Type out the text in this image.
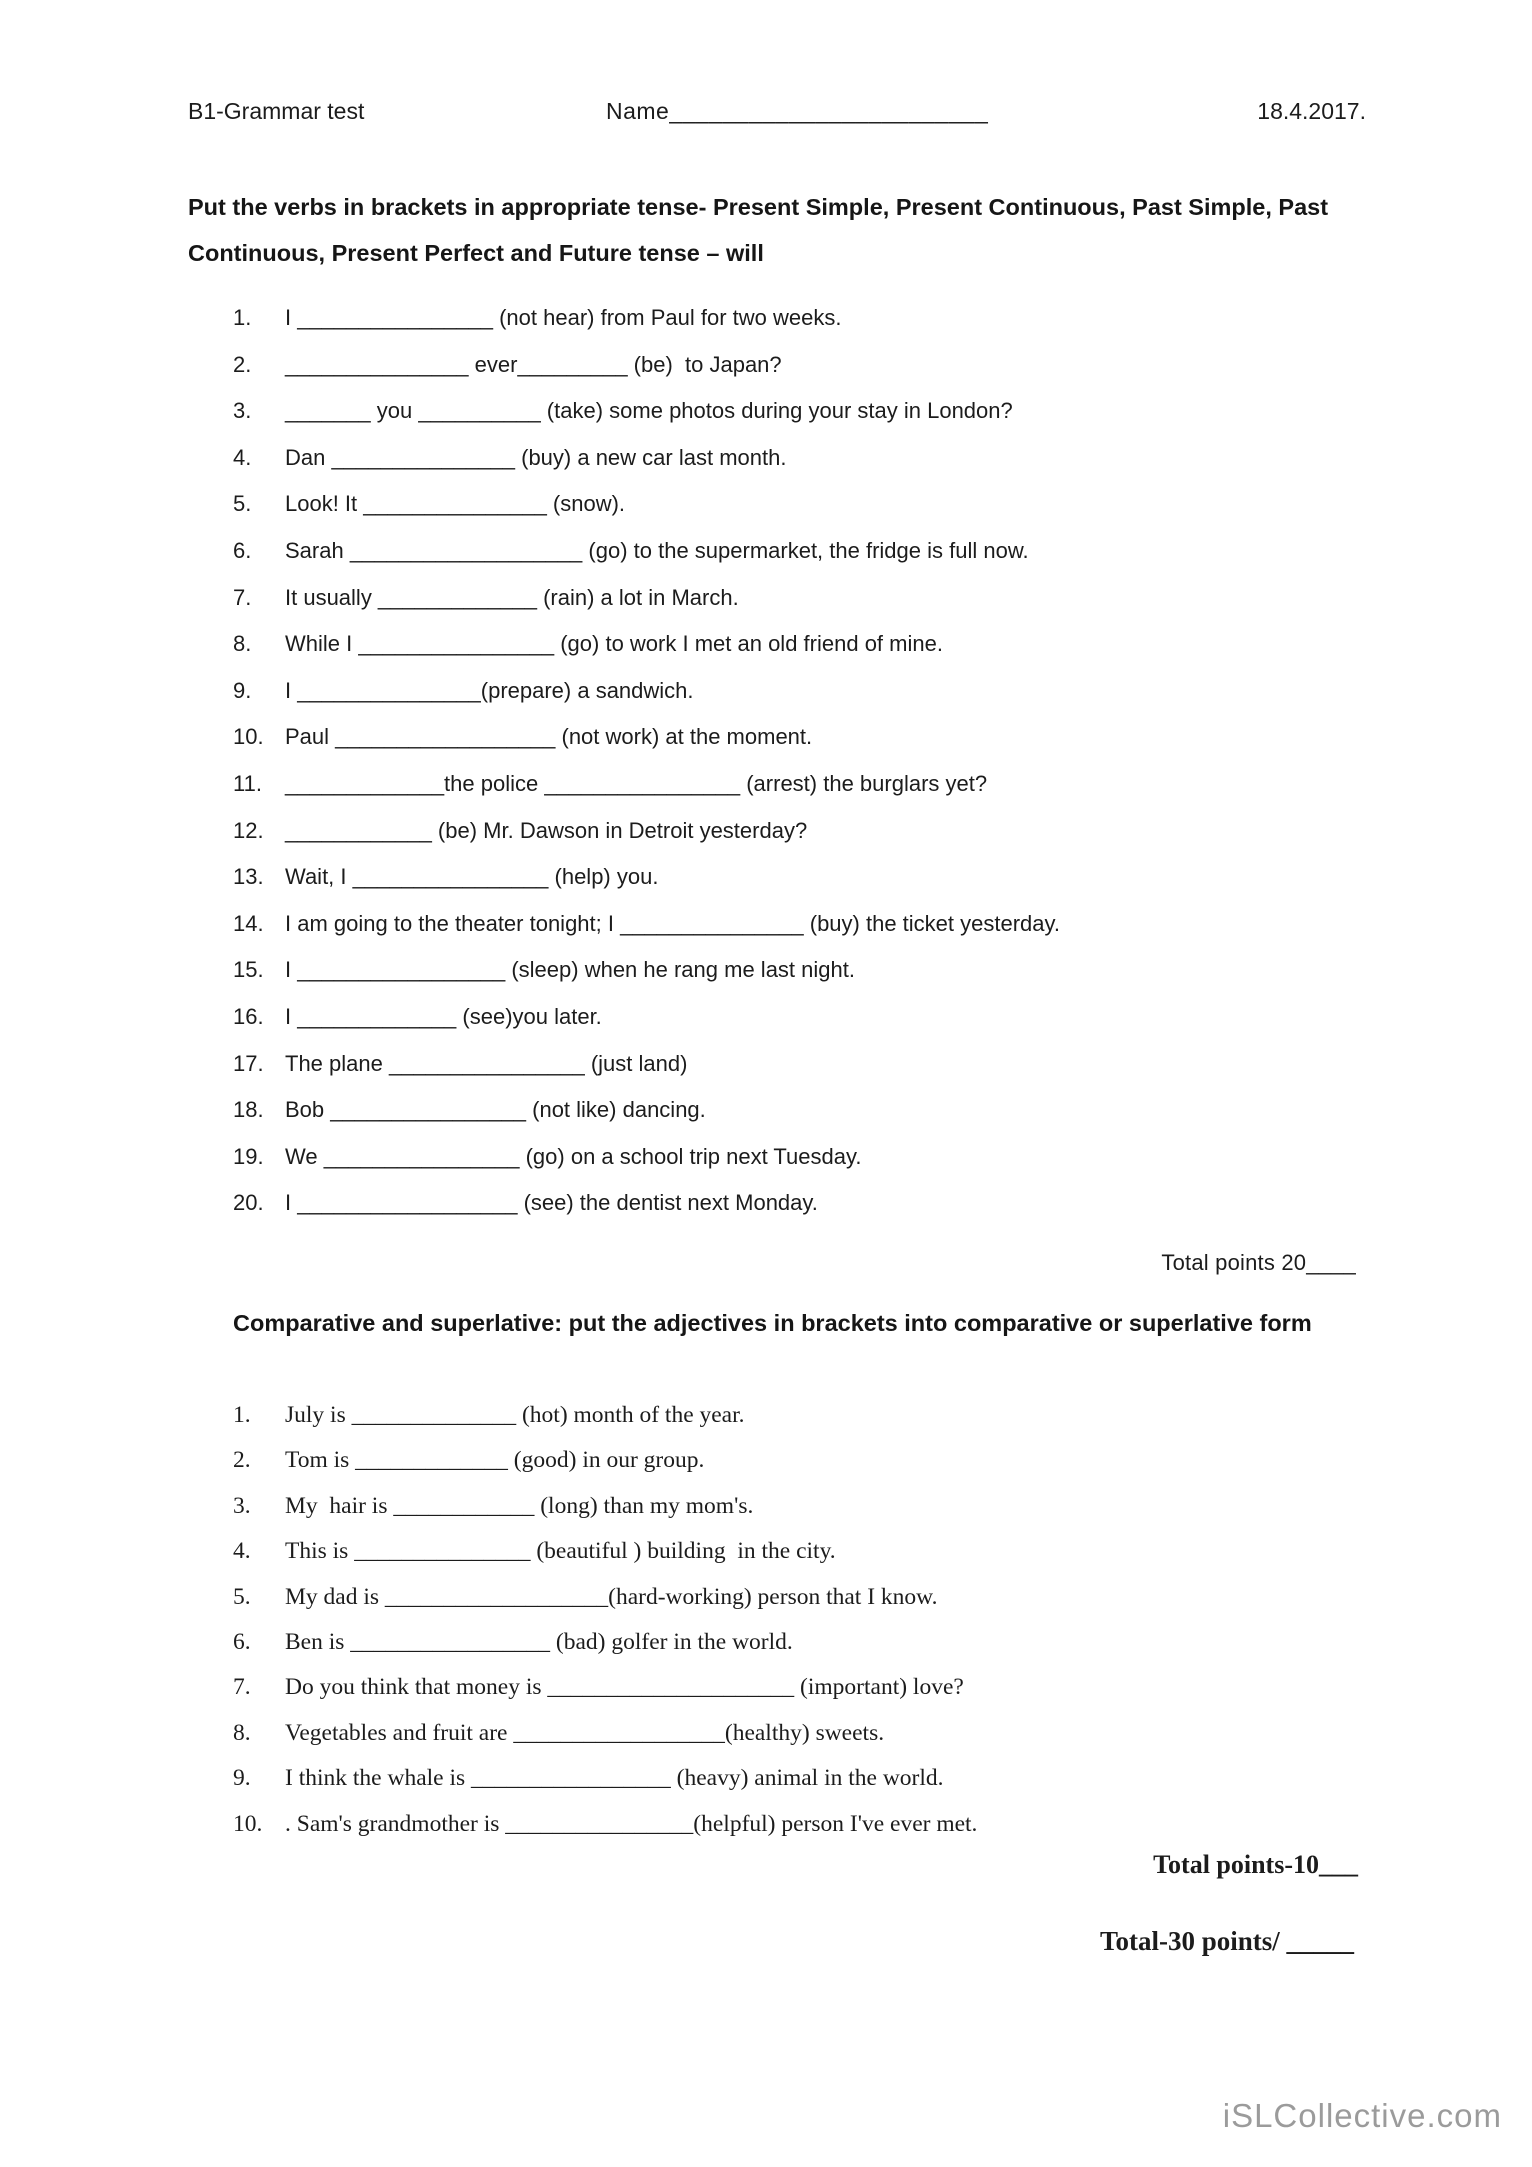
B1-Grammar test	Name________________________	18.4.2017.
Put the verbs in brackets in appropriate tense- Present Simple, Present Continuous, Past Simple, Past Continuous, Present Perfect and Future tense – will
1.	I ________________ (not hear) from Paul for two weeks.
2.	_______________ ever_________ (be)  to Japan?
3.	_______ you __________ (take) some photos during your stay in London?
4.	Dan _______________ (buy) a new car last month.
5.	Look! It _______________ (snow).
6.	Sarah ___________________ (go) to the supermarket, the fridge is full now.
7.	It usually _____________ (rain) a lot in March.
8.	While I ________________ (go) to work I met an old friend of mine.
9.	I _______________(prepare) a sandwich.
10. Paul __________________ (not work) at the moment.
11.	_____________the police ________________ (arrest) the burglars yet?
12. ____________ (be) Mr. Dawson in Detroit yesterday?
13. Wait, I ________________ (help) you.
14. I am going to the theater tonight; I _______________ (buy) the ticket yesterday.
15. I _________________ (sleep) when he rang me last night.
16. I _____________ (see)you later.
17. The plane ________________ (just land)
18. Bob ________________ (not like) dancing.
19. We ________________ (go) on a school trip next Tuesday.
20. I __________________ (see) the dentist next Monday.
Total points 20____
Comparative and superlative: put the adjectives in brackets into comparative or superlative form
1.	July is ______________ (hot) month of the year.
2.	Tom is _____________ (good) in our group.
3.	My  hair is ____________ (long) than my mom's.
4.	This is _______________ (beautiful ) building  in the city.
5.	My dad is ___________________(hard-working) person that I know.
6.	Ben is _________________ (bad) golfer in the world.
7.	Do you think that money is _____________________ (important) love?
8.	Vegetables and fruit are __________________(healthy) sweets.
9.	I think the whale is _________________ (heavy) animal in the world.
10. . Sam's grandmother is ________________(helpful) person I've ever met.
Total points-10___
Total-30 points/ _____
iSLCollective.com
